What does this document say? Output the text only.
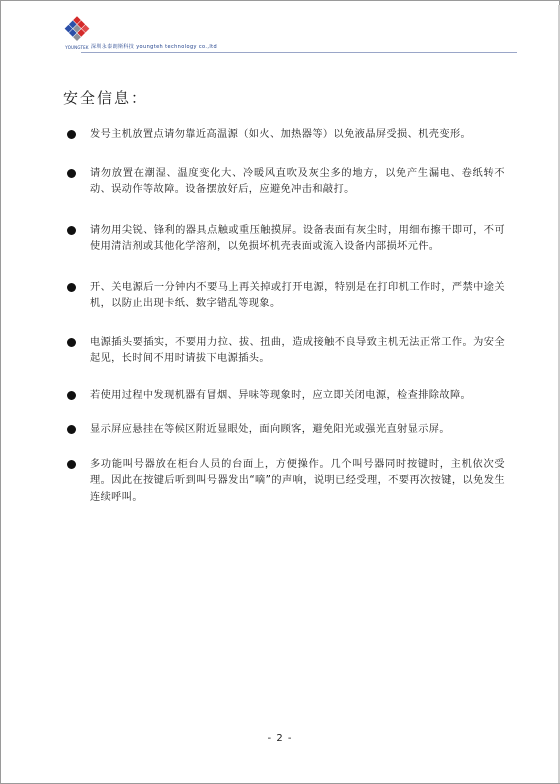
YOUNGTEK 深圳永泰朗斯科技 youngteh technology co.,ltd
安全信息：
发号主机放置点请勿靠近高温源（如火、加热器等）以免液晶屏受损、机壳变形。
请勿放置在潮湿、温度变化大、冷暖风直吹及灰尘多的地方，以免产生漏电、卷纸转不动、误动作等故障。设备摆放好后，应避免冲击和敲打。
请勿用尖锐、锋利的器具点触或重压触摸屏。设备表面有灰尘时，用细布擦干即可，不可使用清洁剂或其他化学溶剂，以免损坏机壳表面或流入设备内部损坏元件。
开、关电源后一分钟内不要马上再关掉或打开电源，特别是在打印机工作时，严禁中途关机，以防止出现卡纸、数字错乱等现象。
电源插头要插实，不要用力拉、拔、扭曲，造成接触不良导致主机无法正常工作。为安全起见，长时间不用时请拔下电源插头。
若使用过程中发现机器有冒烟、异味等现象时，应立即关闭电源，检查排除故障。
显示屏应悬挂在等候区附近显眼处，面向顾客，避免阳光或强光直射显示屏。
多功能叫号器放在柜台人员的台面上，方便操作。几个叫号器同时按键时，主机依次受理。因此在按键后听到叫号器发出“嘀”的声响，说明已经受理，不要再次按键，以免发生连续呼叫。
- 2 -
